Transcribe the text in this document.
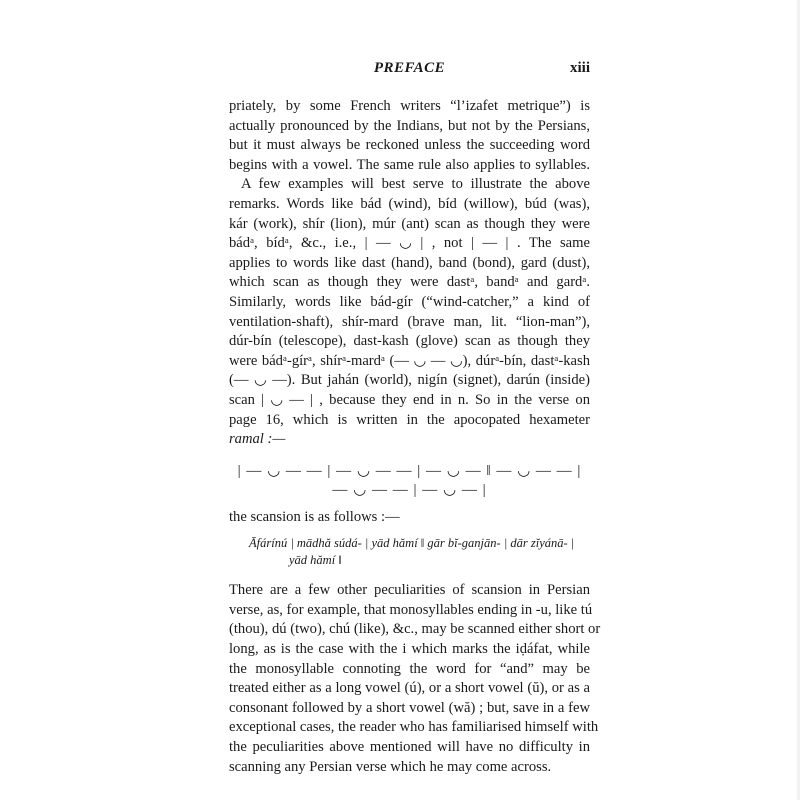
PREFACE	xiii
priately, by some French writers “l’izafet metrique”) is
actually pronounced by the Indians, but not by the Persians,
but it must always be reckoned unless the succeeding word
begins with a vowel. The same rule also applies to syllables.
A few examples will best serve to illustrate the above
remarks. Words like bád (wind), bíd (willow), búd (was),
kár (work), shír (lion), múr (ant) scan as though they were
bádᵃ, bídᵃ, &c., i.e., | — ◡ | , not | — | . The same
applies to words like dast (hand), band (bond), gard (dust),
which scan as though they were dastᵃ, bandᵃ and gardᵃ.
Similarly, words like bád-gír (“wind-catcher,” a kind of
ventilation-shaft), shír-mard (brave man, lit. “lion-man”),
dúr-bín (telescope), dast-kash (glove) scan as though they
were bádᵃ-gírᵃ, shírᵃ-mardᵃ (— ◡ — ◡), dúrᵃ-bín, dastᵃ-kash
(— ◡ —). But jahán (world), nigín (signet), darún (inside)
scan | ◡ — | , because they end in n. So in the verse on
page 16, which is written in the apocopated hexameter
ramal :—
| — ◡ — — | — ◡ — — | — ◡ — ‖ — ◡ — — |
— ◡ — — | — ◡ — |
the scansion is as follows :—
Āfárínú | mādhă súdá- | yād hămí ‖ gār bĭ-ganjān- | dār zĭyánā- |
yād hămí ‖
There are a few other peculiarities of scansion in Persian
verse, as, for example, that monosyllables ending in -u, like tú
(thou), dú (two), chú (like), &c., may be scanned either short or
long, as is the case with the i which marks the iḍáfat, while
the monosyllable connoting the word for “and” may be
treated either as a long vowel (ú), or a short vowel (ŭ), or as a
consonant followed by a short vowel (wă) ; but, save in a few
exceptional cases, the reader who has familiarised himself with
the peculiarities above mentioned will have no difficulty in
scanning any Persian verse which he may come across.
